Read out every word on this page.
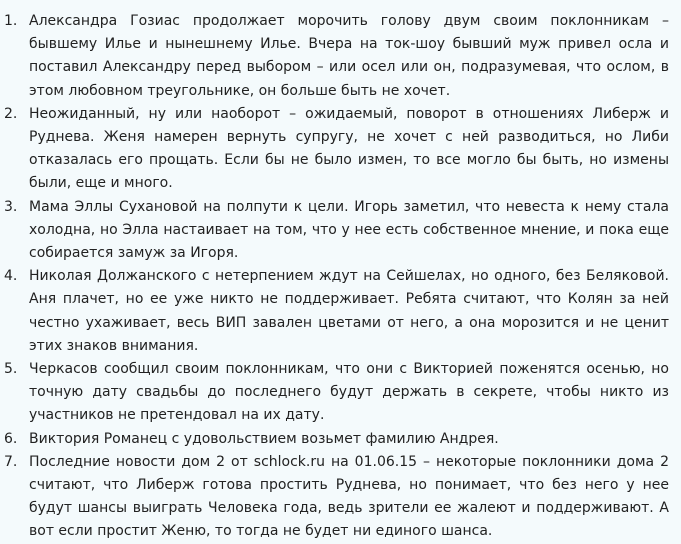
1. Александра Гозиас продолжает морочить голову двум своим поклонникам – бывшему Илье и нынешнему Илье. Вчера на ток-шоу бывший муж привел осла и поставил Александру перед выбором – или осел или он, подразумевая, что ослом, в этом любовном треугольнике, он больше быть не хочет.
2. Неожиданный, ну или наоборот – ожидаемый, поворот в отношениях Либерж и Руднева. Женя намерен вернуть супругу, не хочет с ней разводиться, но Либи отказалась его прощать. Если бы не было измен, то все могло бы быть, но измены были, еще и много.
3. Мама Эллы Сухановой на полпути к цели. Игорь заметил, что невеста к нему стала холодна, но Элла настаивает на том, что у нее есть собственное мнение, и пока еще собирается замуж за Игоря.
4. Николая Должанского с нетерпением ждут на Сейшелах, но одного, без Беляковой. Аня плачет, но ее уже никто не поддерживает. Ребята считают, что Колян за ней честно ухаживает, весь ВИП завален цветами от него, а она морозится и не ценит этих знаков внимания.
5. Черкасов сообщил своим поклонникам, что они с Викторией поженятся осенью, но точную дату свадьбы до последнего будут держать в секрете, чтобы никто из участников не претендовал на их дату.
6. Виктория Романец с удовольствием возьмет фамилию Андрея.
7. Последние новости дом 2 от schlock.ru на 01.06.15 – некоторые поклонники дома 2 считают, что Либерж готова простить Руднева, но понимает, что без него у нее будут шансы выиграть Человека года, ведь зрители ее жалеют и поддерживают. А вот если простит Женю, то тогда не будет ни единого шанса.
